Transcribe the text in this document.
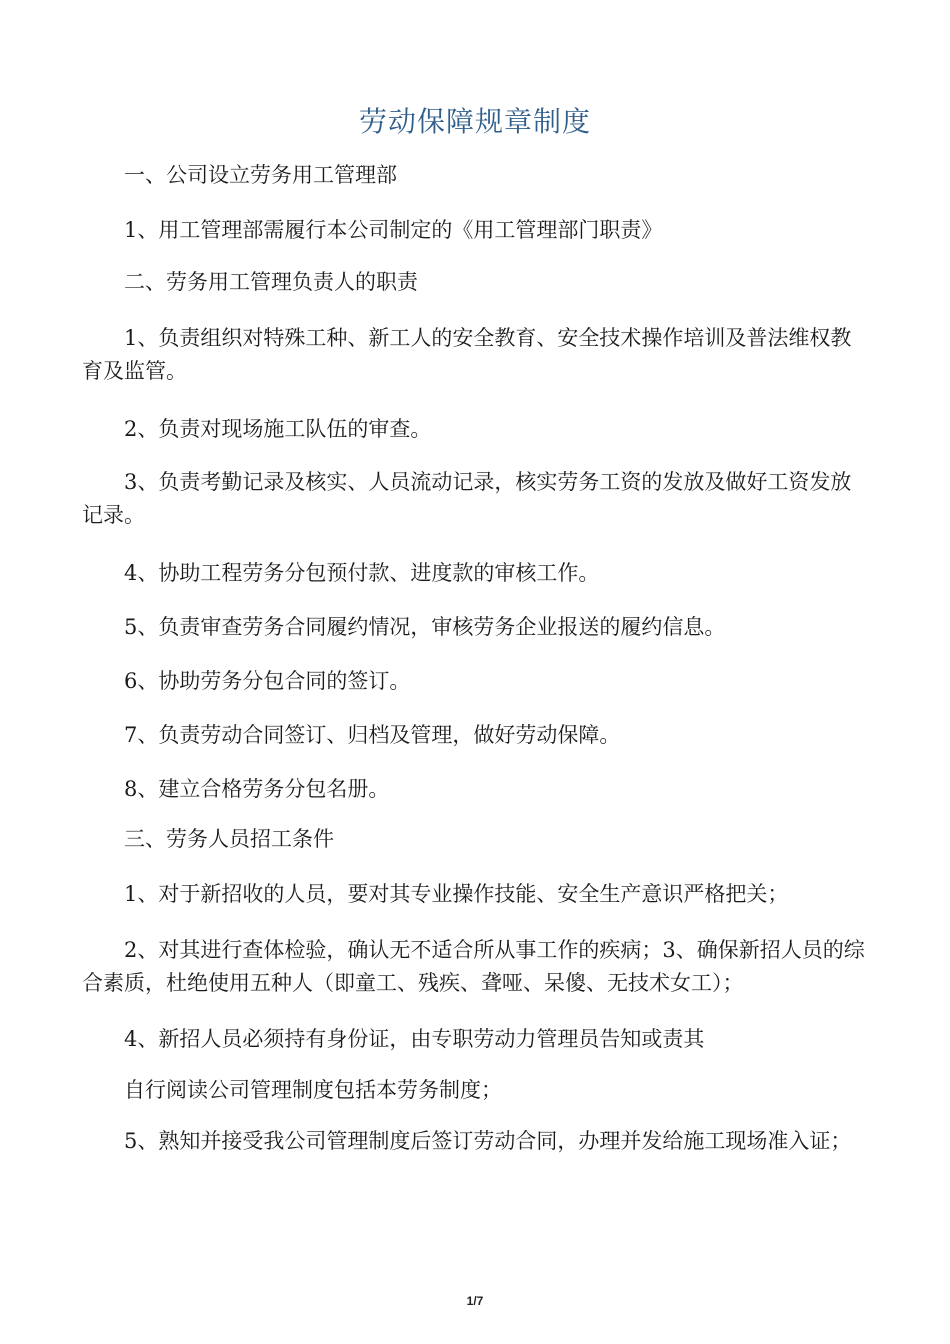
劳动保障规章制度
一、公司设立劳务用工管理部
1、用工管理部需履行本公司制定的《用工管理部门职责》
二、劳务用工管理负责人的职责
1、负责组织对特殊工种、新工人的安全教育、安全技术操作培训及普法维权教育及监管。
2、负责对现场施工队伍的审查。
3、负责考勤记录及核实、人员流动记录，核实劳务工资的发放及做好工资发放记录。
4、协助工程劳务分包预付款、进度款的审核工作。
5、负责审查劳务合同履约情况，审核劳务企业报送的履约信息。
6、协助劳务分包合同的签订。
7、负责劳动合同签订、归档及管理，做好劳动保障。
8、建立合格劳务分包名册。
三、劳务人员招工条件
1、对于新招收的人员，要对其专业操作技能、安全生产意识严格把关；
2、对其进行查体检验，确认无不适合所从事工作的疾病；3、确保新招人员的综合素质，杜绝使用五种人（即童工、残疾、聋哑、呆傻、无技术女工）；
4、新招人员必须持有身份证，由专职劳动力管理员告知或责其
自行阅读公司管理制度包括本劳务制度；
5、熟知并接受我公司管理制度后签订劳动合同，办理并发给施工现场准入证；
1/7
